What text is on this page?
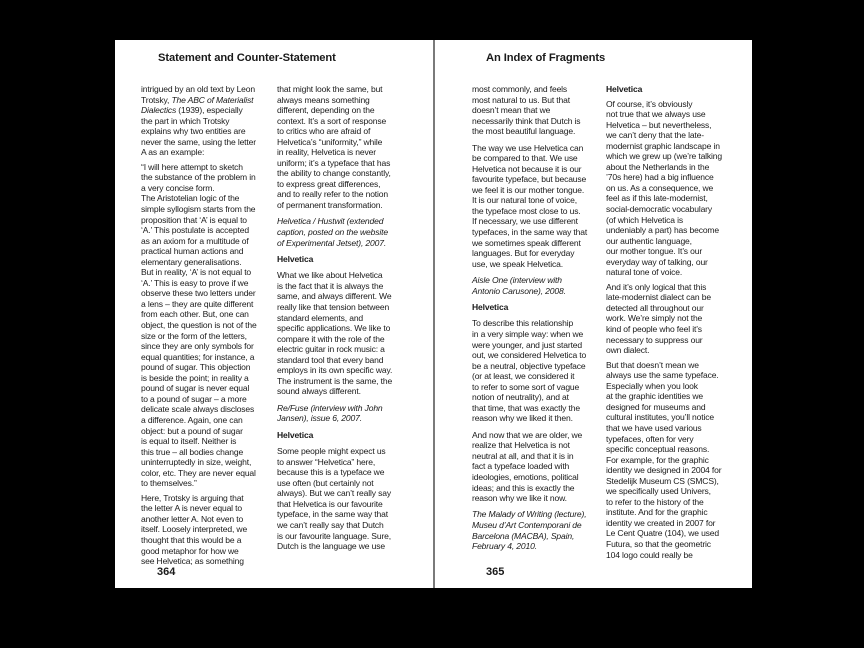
Statement and Counter-Statement

intrigued by an old text by Leon
Trotsky, The ABC of Materialist
Dialectics (1939), especially
the part in which Trotsky
explains why two entities are
never the same, using the letter
A as an example:

“I will here attempt to sketch
the substance of the problem in
a very concise form.
The Aristotelian logic of the
simple syllogism starts from the
proposition that ‘A’ is equal to
‘A.’ This postulate is accepted
as an axiom for a multitude of
practical human actions and
elementary generalisations.
But in reality, ‘A’ is not equal to
‘A.’ This is easy to prove if we
observe these two letters under
a lens – they are quite different
from each other. But, one can
object, the question is not of the
size or the form of the letters,
since they are only symbols for
equal quantities; for instance, a
pound of sugar. This objection
is beside the point; in reality a
pound of sugar is never equal
to a pound of sugar – a more
delicate scale always discloses
a difference. Again, one can
object: but a pound of sugar
is equal to itself. Neither is
this true – all bodies change
uninterruptedly in size, weight,
color, etc. They are never equal
to themselves.”

Here, Trotsky is arguing that
the letter A is never equal to
another letter A. Not even to
itself. Loosely interpreted, we
thought that this would be a
good metaphor for how we
see Helvetica; as something

that might look the same, but
always means something
different, depending on the
context. It’s a sort of response
to critics who are afraid of
Helvetica’s “uniformity,” while
in reality, Helvetica is never
uniform; it’s a typeface that has
the ability to change constantly,
to express great differences,
and to really refer to the notion
of permanent transformation.

Helvetica / Hustwit (extended
caption, posted on the website
of Experimental Jetset), 2007.

Helvetica

What we like about Helvetica
is the fact that it is always the
same, and always different. We
really like that tension between
standard elements, and
specific applications. We like to
compare it with the role of the
electric guitar in rock music: a
standard tool that every band
employs in its own specific way.
The instrument is the same, the
sound always different.

Re/Fuse (interview with John
Jansen), issue 6, 2007.

Helvetica

Some people might expect us
to answer “Helvetica” here,
because this is a typeface we
use often (but certainly not
always). But we can’t really say
that Helvetica is our favourite
typeface, in the same way that
we can’t really say that Dutch
is our favourite language. Sure,
Dutch is the language we use

364
An Index of Fragments

most commonly, and feels
most natural to us. But that
doesn’t mean that we
necessarily think that Dutch is
the most beautiful language.

The way we use Helvetica can
be compared to that. We use
Helvetica not because it is our
favourite typeface, but because
we feel it is our mother tongue.
It is our natural tone of voice,
the typeface most close to us.
If necessary, we use different
typefaces, in the same way that
we sometimes speak different
languages. But for everyday
use, we speak Helvetica.

Aisle One (interview with
Antonio Carusone), 2008.

Helvetica

To describe this relationship
in a very simple way: when we
were younger, and just started
out, we considered Helvetica to
be a neutral, objective typeface
(or at least, we considered it
to refer to some sort of vague
notion of neutrality), and at
that time, that was exactly the
reason why we liked it then.

And now that we are older, we
realize that Helvetica is not
neutral at all, and that it is in
fact a typeface loaded with
ideologies, emotions, political
ideas; and this is exactly the
reason why we like it now.

The Malady of Writing (lecture),
Museu d’Art Contemporani de
Barcelona (MACBA), Spain,
February 4, 2010.

Helvetica

Of course, it’s obviously
not true that we always use
Helvetica – but nevertheless,
we can’t deny that the late-
modernist graphic landscape in
which we grew up (we’re talking
about the Netherlands in the
’70s here) had a big influence
on us. As a consequence, we
feel as if this late-modernist,
social-democratic vocabulary
(of which Helvetica is
undeniably a part) has become
our authentic language,
our mother tongue. It’s our
everyday way of talking, our
natural tone of voice.

And it’s only logical that this
late-modernist dialect can be
detected all throughout our
work. We’re simply not the
kind of people who feel it’s
necessary to suppress our
own dialect.

But that doesn’t mean we
always use the same typeface.
Especially when you look
at the graphic identities we
designed for museums and
cultural institutes, you’ll notice
that we have used various
typefaces, often for very
specific conceptual reasons.
For example, for the graphic
identity we designed in 2004 for
Stedelijk Museum CS (SMCS),
we specifically used Univers,
to refer to the history of the
institute. And for the graphic
identity we created in 2007 for
Le Cent Quatre (104), we used
Futura, so that the geometric
104 logo could really be

365
